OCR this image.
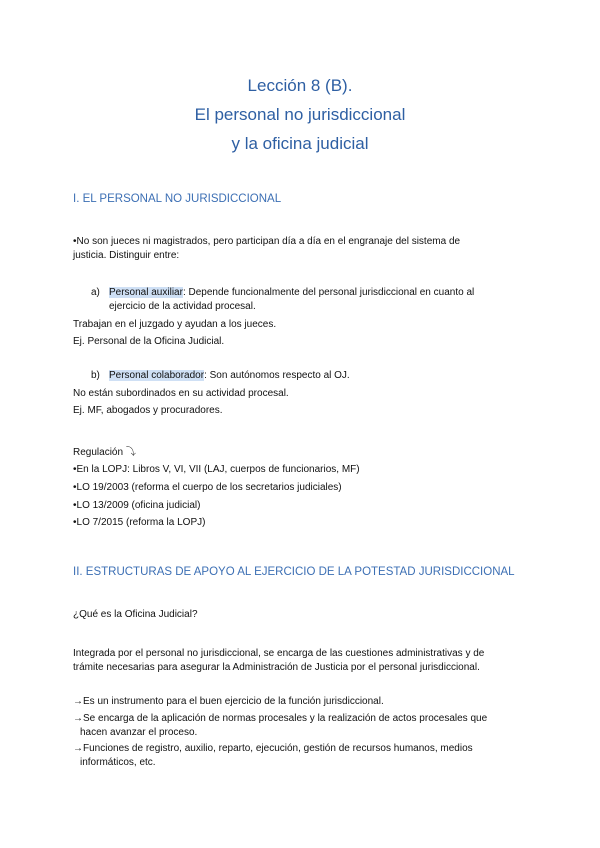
Lección 8 (B).
El personal no jurisdiccional
y la oficina judicial
I. EL PERSONAL NO JURISDICCIONAL
•No son jueces ni magistrados, pero participan día a día en el engranaje del sistema de
justicia. Distinguir entre:
a) Personal auxiliar: Depende funcionalmente del personal jurisdiccional en cuanto al
ejercicio de la actividad procesal.
Trabajan en el juzgado y ayudan a los jueces.
Ej. Personal de la Oficina Judicial.
b) Personal colaborador: Son autónomos respecto al OJ.
No están subordinados en su actividad procesal.
Ej. MF, abogados y procuradores.
Regulación ⤵
•En la LOPJ: Libros V, VI, VII (LAJ, cuerpos de funcionarios, MF)
•LO 19/2003 (reforma el cuerpo de los secretarios judiciales)
•LO 13/2009 (oficina judicial)
•LO 7/2015 (reforma la LOPJ)
II. ESTRUCTURAS DE APOYO AL EJERCICIO DE LA POTESTAD JURISDICCIONAL
¿Qué es la Oficina Judicial?
Integrada por el personal no jurisdiccional, se encarga de las cuestiones administrativas y de
trámite necesarias para asegurar la Administración de Justicia por el personal jurisdiccional.
→Es un instrumento para el buen ejercicio de la función jurisdiccional.
→Se encarga de la aplicación de normas procesales y la realización de actos procesales que
hacen avanzar el proceso.
→Funciones de registro, auxilio, reparto, ejecución, gestión de recursos humanos, medios
informáticos, etc.
